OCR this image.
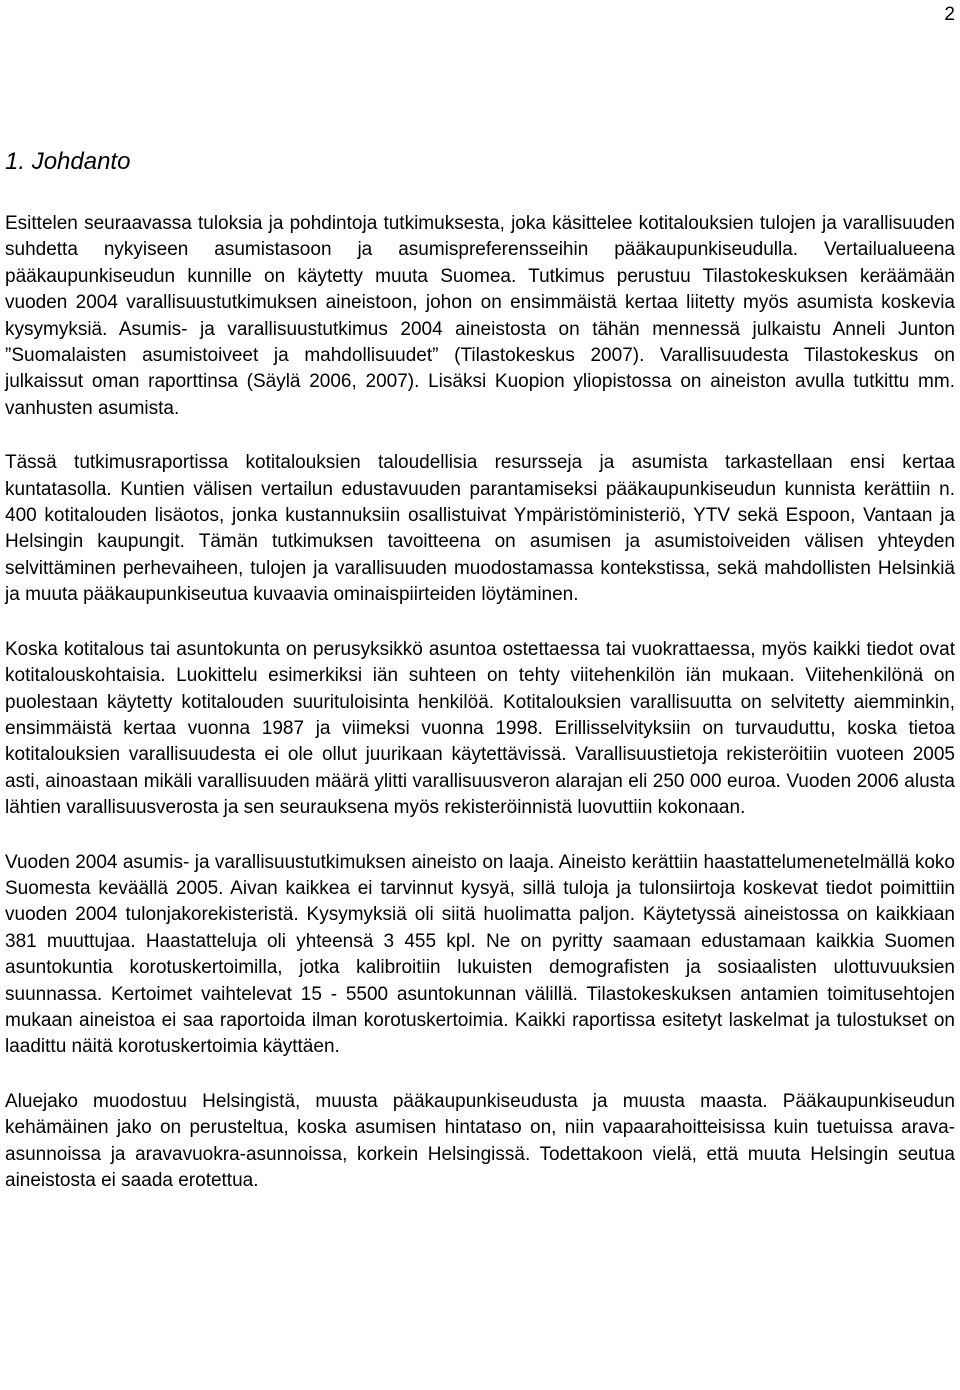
2
1. Johdanto

Esittelen seuraavassa tuloksia ja pohdintoja tutkimuksesta, joka käsittelee kotitalouksien tulojen ja varallisuuden suhdetta nykyiseen asumistasoon ja asumispreferensseihin pääkaupunkiseudulla. Vertailualueena pääkaupunkiseudun kunnille on käytetty muuta Suomea. Tutkimus perustuu Tilastokeskuksen keräämään vuoden 2004 varallisuustutkimuksen aineistoon, johon on ensimmäistä kertaa liitetty myös asumista koskevia kysymyksiä. Asumis- ja varallisuustutkimus 2004 aineistosta on tähän mennessä julkaistu Anneli Junton ”Suomalaisten asumistoiveet ja mahdollisuudet” (Tilastokeskus 2007). Varallisuudesta Tilastokeskus on julkaissut oman raporttinsa (Säylä 2006, 2007). Lisäksi Kuopion yliopistossa on aineiston avulla tutkittu mm. vanhusten asumista.

Tässä tutkimusraportissa kotitalouksien taloudellisia resursseja ja asumista tarkastellaan ensi kertaa kuntatasolla. Kuntien välisen vertailun edustavuuden parantamiseksi pääkaupunkiseudun kunnista kerättiin n. 400 kotitalouden lisäotos, jonka kustannuksiin osallistuivat Ympäristöministeriö, YTV sekä Espoon, Vantaan ja Helsingin kaupungit. Tämän tutkimuksen tavoitteena on asumisen ja asumistoiveiden välisen yhteyden selvittäminen perhevaiheen, tulojen ja varallisuuden muodostamassa kontekstissa, sekä mahdollisten Helsinkiä ja muuta pääkaupunkiseutua kuvaavia ominaispiirteiden löytäminen.

Koska kotitalous tai asuntokunta on perusyksikkö asuntoa ostettaessa tai vuokrattaessa, myös kaikki tiedot ovat kotitalouskohtaisia. Luokittelu esimerkiksi iän suhteen on tehty viitehenkilön iän mukaan. Viitehenkilönä on puolestaan käytetty kotitalouden suurituloisinta henkilöä. Kotitalouksien varallisuutta on selvitetty aiemminkin, ensimmäistä kertaa vuonna 1987 ja viimeksi vuonna 1998. Erillisselvityksiin on turvauduttu, koska tietoa kotitalouksien varallisuudesta ei ole ollut juurikaan käytettävissä. Varallisuustietoja rekisteröitiin vuoteen 2005 asti, ainoastaan mikäli varallisuuden määrä ylitti varallisuusveron alarajan eli 250 000 euroa. Vuoden 2006 alusta lähtien varallisuusverosta ja sen seurauksena myös rekisteröinnistä luovuttiin kokonaan.

Vuoden 2004 asumis- ja varallisuustutkimuksen aineisto on laaja. Aineisto kerättiin haastattelumenetelmällä koko Suomesta keväällä 2005. Aivan kaikkea ei tarvinnut kysyä, sillä tuloja ja tulonsiirtoja koskevat tiedot poimittiin vuoden 2004 tulonjakorekisteristä. Kysymyksiä oli siitä huolimatta paljon. Käytetyssä aineistossa on kaikkiaan 381 muuttujaa. Haastatteluja oli yhteensä 3 455 kpl. Ne on pyritty saamaan edustamaan kaikkia Suomen asuntokuntia korotuskertoimilla, jotka kalibroitiin lukuisten demografisten ja sosiaalisten ulottuvuuksien suunnassa. Kertoimet vaihtelevat 15 - 5500 asuntokunnan välillä. Tilastokeskuksen antamien toimitusehtojen mukaan aineistoa ei saa raportoida ilman korotuskertoimia. Kaikki raportissa esitetyt laskelmat ja tulostukset on laadittu näitä korotuskertoimia käyttäen.

Aluejako muodostuu Helsingistä, muusta pääkaupunkiseudusta ja muusta maasta. Pääkaupunkiseudun kehämäinen jako on perusteltua, koska asumisen hintataso on, niin vapaarahoitteisissa kuin tuetuissa arava-asunnoissa ja aravavuokra-asunnoissa, korkein Helsingissä. Todettakoon vielä, että muuta Helsingin seutua aineistosta ei saada erotettua.
